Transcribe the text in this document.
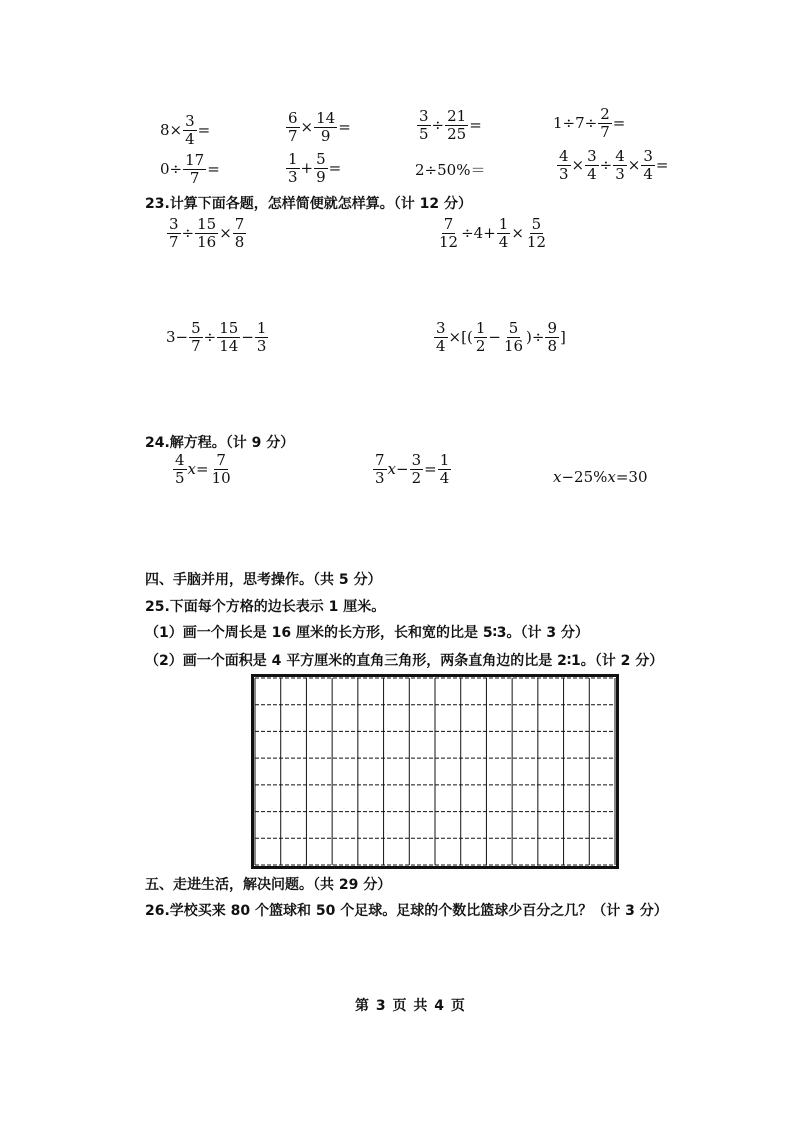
$8\times \frac{3}{4}$ =	$\frac{6}{7} \times \frac{14}{9}$ =	$\frac{3}{5} \div \frac{21}{25}$ =	$1\div 7\div \frac{2}{7}$ =
$0\div \frac{17}{7}$ =	$\frac{1}{3} + \frac{5}{9}$ =	2÷50%＝	$\frac{4}{3} \times \frac{3}{4} \div \frac{4}{3} \times \frac{3}{4}$ =
23.计算下面各题，怎样简便就怎样算。（计 12 分）
$\frac{3}{7} \div \frac{15}{16} \times \frac{7}{8}$	$\frac{7}{12} \div 4+ \frac{1}{4} \times \frac{5}{12}$
$3- \frac{5}{7} \div \frac{15}{14} - \frac{1}{3}$	$\frac{3}{4}$ ×[( $\frac{1}{2} - \frac{5}{16}$ )÷ $\frac{9}{8}$ ]
24.解方程。（计 9 分）
$\frac{4}{5} x= \frac{7}{10}$	$\frac{7}{3} x- \frac{3}{2} = \frac{1}{4}$	x−25%x=30
四、手脑并用，思考操作。（共 5 分）
25.下面每个方格的边长表示 1 厘米。
（1）画一个周长是 16 厘米的长方形，长和宽的比是 5∶3。（计 3 分）
（2）画一个面积是 4 平方厘米的直角三角形，两条直角边的比是 2∶1。（计 2 分）
五、走进生活，解决问题。（共 29 分）
26.学校买来 80 个篮球和 50 个足球。足球的个数比篮球少百分之几？（计 3 分）
第 3 页 共 4 页
